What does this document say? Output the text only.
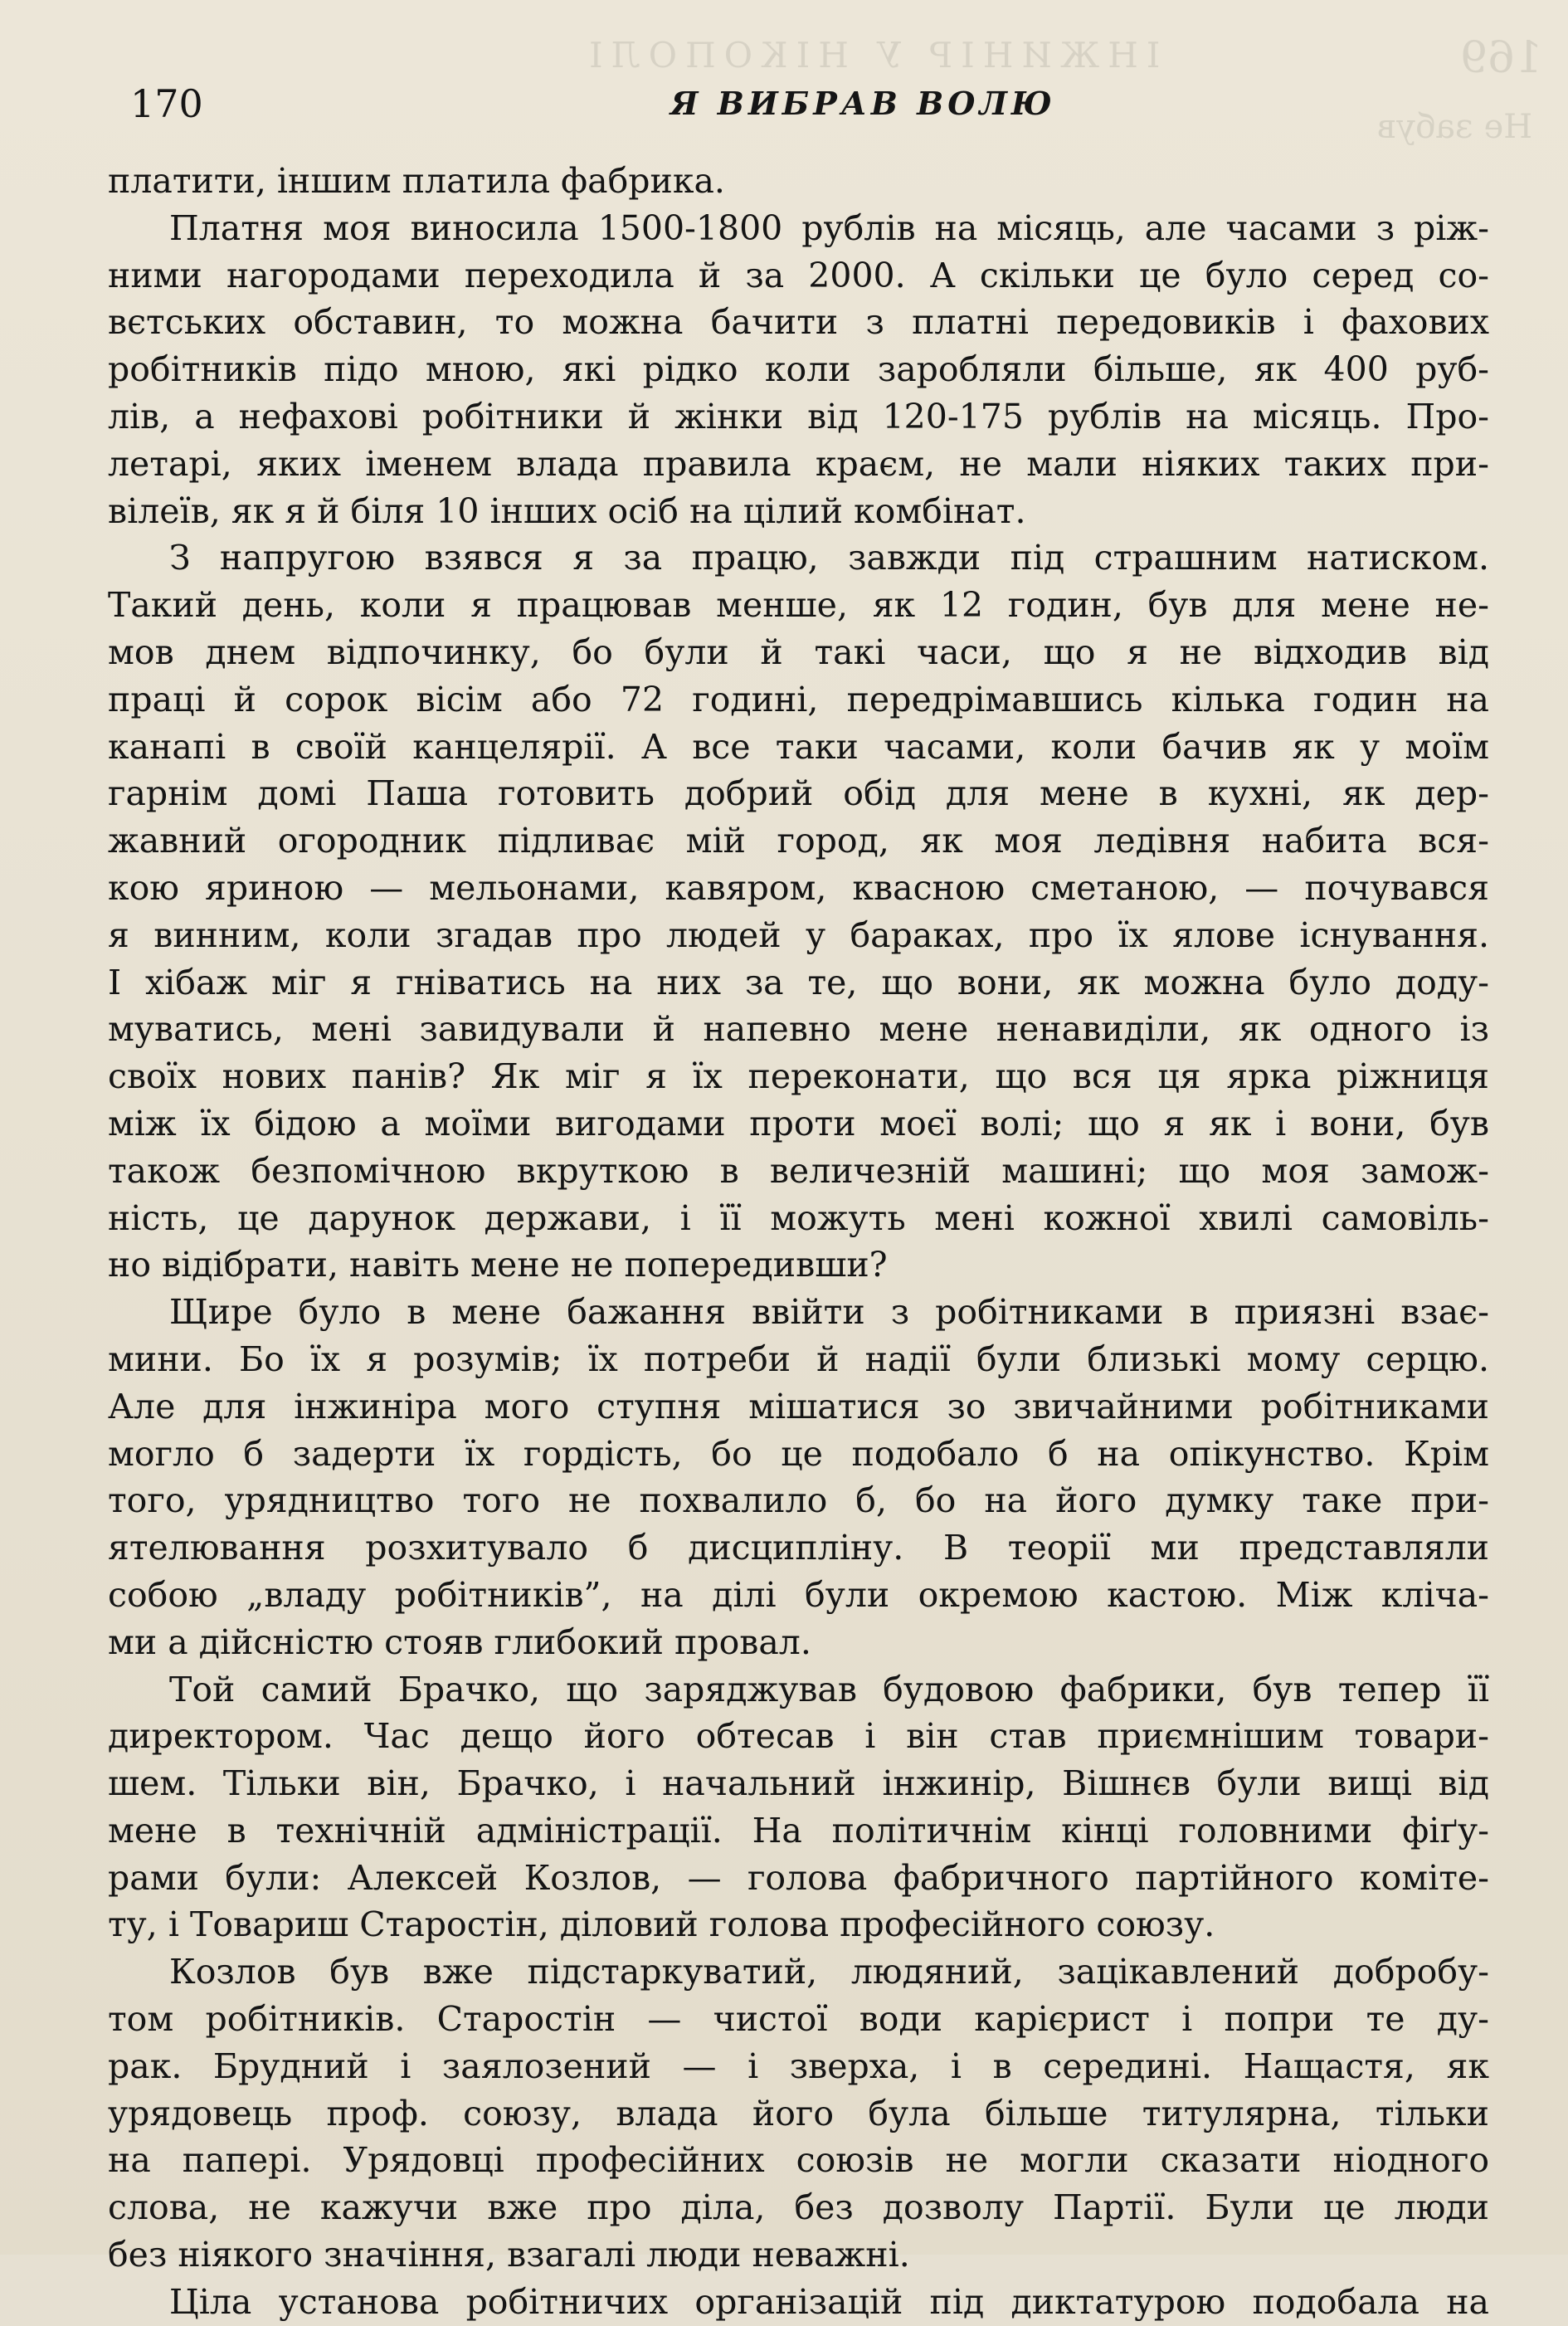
ІНЖИНІР У НІКОПОЛІ	169
Не забув
170	Я ВИБРАВ ВОЛЮ
платити, іншим платила фабрика.
Платня моя виносила 1500-1800 рублів на місяць, але часами з ріж-
ними нагородами переходила й за 2000. А скільки це було серед со-
вєтських обставин, то можна бачити з платні передовиків і фахових
робітників підо мною, які рідко коли заробляли більше, як 400 руб-
лів, а нефахові робітники й жінки від 120-175 рублів на місяць. Про-
летарі, яких іменем влада правила краєм, не мали ніяких таких при-
вілеїв, як я й біля 10 інших осіб на цілий комбінат.
З напругою взявся я за працю, завжди під страшним натиском.
Такий день, коли я працював менше, як 12 годин, був для мене не-
мов днем відпочинку, бо були й такі часи, що я не відходив від
праці й сорок вісім або 72 годині, передрімавшись кілька годин на
канапі в своїй канцелярії. А все таки часами, коли бачив як у моїм
гарнім домі Паша готовить добрий обід для мене в кухні, як дер-
жавний огородник підливає мій город, як моя ледівня набита вся-
кою яриною — мельонами, кавяром, квасною сметаною, — почувався
я винним, коли згадав про людей у бараках, про їх ялове існування.
І хібаж міг я гніватись на них за те, що вони, як можна було доду-
муватись, мені завидували й напевно мене ненавиділи, як одного із
своїх нових панів? Як міг я їх переконати, що вся ця ярка ріжниця
між їх бідою а моїми вигодами проти моєї волі; що я як і вони, був
також безпомічною вкруткою в величезній машині; що моя замож-
ність, це дарунок держави, і її можуть мені кожної хвилі самовіль-
но відібрати, навіть мене не попередивши?
Щире було в мене бажання ввійти з робітниками в приязні взає-
мини. Бо їх я розумів; їх потреби й надії були близькі мому серцю.
Але для інжиніра мого ступня мішатися зо звичайними робітниками
могло б задерти їх гордість, бо це подобало б на опікунство. Крім
того, урядництво того не похвалило б, бо на його думку таке при-
ятелювання розхитувало б дисципліну. В теорії ми представляли
собою „владу робітників”, на ділі були окремою кастою. Між кліча-
ми а дійсністю стояв глибокий провал.
Той самий Брачко, що заряджував будовою фабрики, був тепер її
директором. Час дещо його обтесав і він став приємнішим товари-
шем. Тільки він, Брачко, і начальний інжинір, Вішнєв були вищі від
мене в технічній адміністрації. На політичнім кінці головними фіґу-
рами були: Алексей Козлов, — голова фабричного партійного коміте-
ту, і Товариш Старостін, діловий голова професійного союзу.
Козлов був вже підстаркуватий, людяний, зацікавлений добробу-
том робітників. Старостін — чистої води карієрист і попри те ду-
рак. Брудний і заялозений — і зверха, і в середині. Нащастя, як
урядовець проф. союзу, влада його була більше титулярна, тільки
на папері. Урядовці професійних союзів не могли сказати ніодного
слова, не кажучи вже про діла, без дозволу Партії. Були це люди
без ніякого значіння, взагалі люди неважні.
Ціла установа робітничих організацій під диктатурою подобала на
